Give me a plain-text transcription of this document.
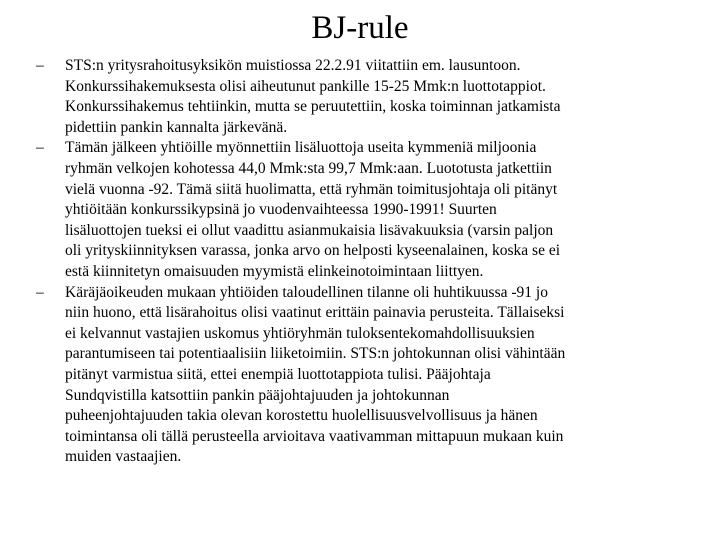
BJ-rule
–	STS:n yritysrahoitusyksikön muistiossa 22.2.91 viitattiin em. lausuntoon.
Konkurssihakemuksesta olisi aiheutunut pankille 15‑25 Mmk:n luottotappiot.
Konkurssihakemus tehtiinkin, mutta se peruutettiin, koska toiminnan jatkamista
pidettiin pankin kannalta järkevänä.
–	Tämän jälkeen yhtiöille myönnettiin lisäluottoja useita kymmeniä miljoonia
ryhmän velkojen kohotessa 44,0 Mmk:sta 99,7 Mmk:aan. Luototusta jatkettiin
vielä vuonna ‑92. Tämä siitä huolimatta, että ryhmän toimitusjohtaja oli pitänyt
yhtiöitään konkurssikypsinä jo vuodenvaihteessa 1990‑1991! Suurten
lisäluottojen tueksi ei ollut vaadittu asianmukaisia lisävakuuksia (varsin paljon
oli yrityskiinnityksen varassa, jonka arvo on helposti kyseenalainen, koska se ei
estä kiinnitetyn omaisuuden myymistä elinkeinotoimintaan liittyen.
–	Käräjäoikeuden mukaan yhtiöiden taloudellinen tilanne oli huhtikuussa ‑91 jo
niin huono, että lisärahoitus olisi vaatinut erittäin painavia perusteita. Tällaiseksi
ei kelvannut vastajien uskomus yhtiöryhmän tuloksentekomahdollisuuksien
parantumiseen tai potentiaalisiin liiketoimiin. STS:n johtokunnan olisi vähintään
pitänyt varmistua siitä, ettei enempiä luottotappiota tulisi. Pääjohtaja
Sundqvistilla katsottiin pankin pääjohtajuuden ja johtokunnan
puheenjohtajuuden takia olevan korostettu huolellisuusvelvollisuus ja hänen
toimintansa oli tällä perusteella arvioitava vaativamman mittapuun mukaan kuin
muiden vastaajien.
